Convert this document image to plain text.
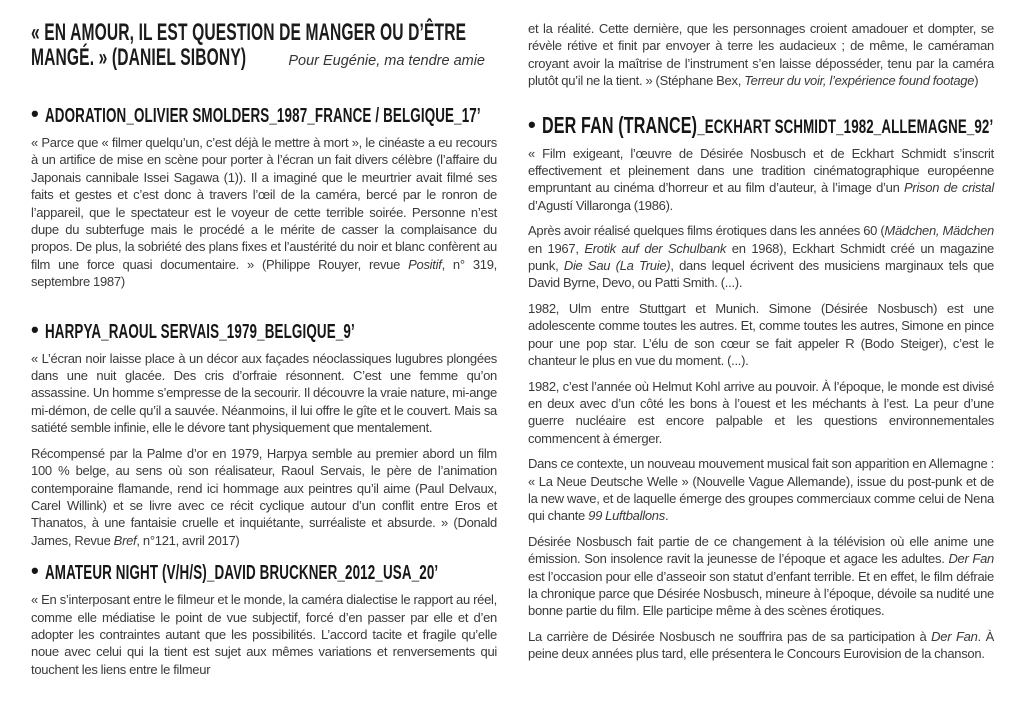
« EN AMOUR, IL EST QUESTION DE MANGER OU D’ÊTRE
MANGÉ. » (DANIEL SIBONY)	Pour Eugénie, ma tendre amie
• ADORATION_OLIVIER SMOLDERS_1987_FRANCE / BELGIQUE_17’

« Parce que « filmer quelqu’un, c’est déjà le mettre à mort », le cinéaste a eu recours à un artifice de mise en scène pour porter à l’écran un fait divers célèbre (l’affaire du Japonais cannibale Issei Sagawa (1)). Il a imaginé que le meurtrier avait filmé ses faits et gestes et c’est donc à travers l’œil de la caméra, bercé par le ronron de l’appareil, que le spectateur est le voyeur de cette terrible soirée. Personne n’est dupe du subterfuge mais le procédé a le mérite de casser la complaisance du propos. De plus, la sobriété des plans fixes et l’austérité du noir et blanc confèrent au film une force quasi documentaire. » (Philippe Rouyer, revue Positif, n° 319, septembre 1987)

• HARPYA_RAOUL SERVAIS_1979_BELGIQUE_9’

« L’écran noir laisse place à un décor aux façades néoclassiques lugubres plongées dans une nuit glacée. Des cris d’orfraie résonnent. C’est une femme qu’on assassine. Un homme s’empresse de la secourir. Il découvre la vraie nature, mi-ange mi-démon, de celle qu’il a sauvée. Néanmoins, il lui offre le gîte et le couvert. Mais sa satiété semble infinie, elle le dévore tant physiquement que mentalement.

Récompensé par la Palme d’or en 1979, Harpya semble au premier abord un film 100 % belge, au sens où son réalisateur, Raoul Servais, le père de l’animation contemporaine flamande, rend ici hommage aux peintres qu’il aime (Paul Delvaux, Carel Willink) et se livre avec ce récit cyclique autour d’un conflit entre Eros et Thanatos, à une fantaisie cruelle et inquiétante, surréaliste et absurde. » (Donald James, Revue Bref, n°121, avril 2017)

• AMATEUR NIGHT (V/H/S)_DAVID BRUCKNER_2012_USA_20’

« En s’interposant entre le filmeur et le monde, la caméra dialectise le rapport au réel, comme elle médiatise le point de vue subjectif, forcé d’en passer par elle et d’en adopter les contraintes autant que les possibilités. L’accord tacite et fragile qu’elle noue avec celui qui la tient est sujet aux mêmes variations et renversements qui touchent les liens entre le filmeur

et la réalité. Cette dernière, que les personnages croient amadouer et dompter, se révèle rétive et finit par envoyer à terre les audacieux ; de même, le caméraman croyant avoir la maîtrise de l’instrument s’en laisse déposséder, tenu par la caméra plutôt qu’il ne la tient. » (Stéphane Bex, Terreur du voir, l’expérience found footage)

• DER FAN (TRANCE)_ECKHART SCHMIDT_1982_ALLEMAGNE_92’

« Film exigeant, l’œuvre de Désirée Nosbusch et de Eckhart Schmidt s’inscrit effectivement et pleinement dans une tradition cinématographique européenne empruntant au cinéma d’horreur et au film d’auteur, à l’image d’un Prison de cristal d’Agustí Villaronga (1986).

Après avoir réalisé quelques films érotiques dans les années 60 (Mädchen, Mädchen en 1967, Erotik auf der Schulbank en 1968), Eckhart Schmidt créé un magazine punk, Die Sau (La Truie), dans lequel écrivent des musiciens marginaux tels que David Byrne, Devo, ou Patti Smith. (...).

1982, Ulm entre Stuttgart et Munich. Simone (Désirée Nosbusch) est une adolescente comme toutes les autres. Et, comme toutes les autres, Simone en pince pour une pop star. L’élu de son cœur se fait appeler R (Bodo Steiger), c’est le chanteur le plus en vue du moment. (...).

1982, c’est l’année où Helmut Kohl arrive au pouvoir. À l’époque, le monde est divisé en deux avec d’un côté les bons à l’ouest et les méchants à l’est. La peur d’une guerre nucléaire est encore palpable et les questions environnementales commencent à émerger.

Dans ce contexte, un nouveau mouvement musical fait son apparition en Allemagne : « La Neue Deutsche Welle » (Nouvelle Vague Allemande), issue du post-punk et de la new wave, et de laquelle émerge des groupes commerciaux comme celui de Nena qui chante 99 Luftballons.

Désirée Nosbusch fait partie de ce changement à la télévision où elle anime une émission. Son insolence ravit la jeunesse de l’époque et agace les adultes. Der Fan est l’occasion pour elle d’asseoir son statut d’enfant terrible. Et en effet, le film défraie la chronique parce que Désirée Nosbusch, mineure à l’époque, dévoile sa nudité une bonne partie du film. Elle participe même à des scènes érotiques.

La carrière de Désirée Nosbusch ne souffrira pas de sa participation à Der Fan. À peine deux années plus tard, elle présentera le Concours Eurovision de la chanson.
